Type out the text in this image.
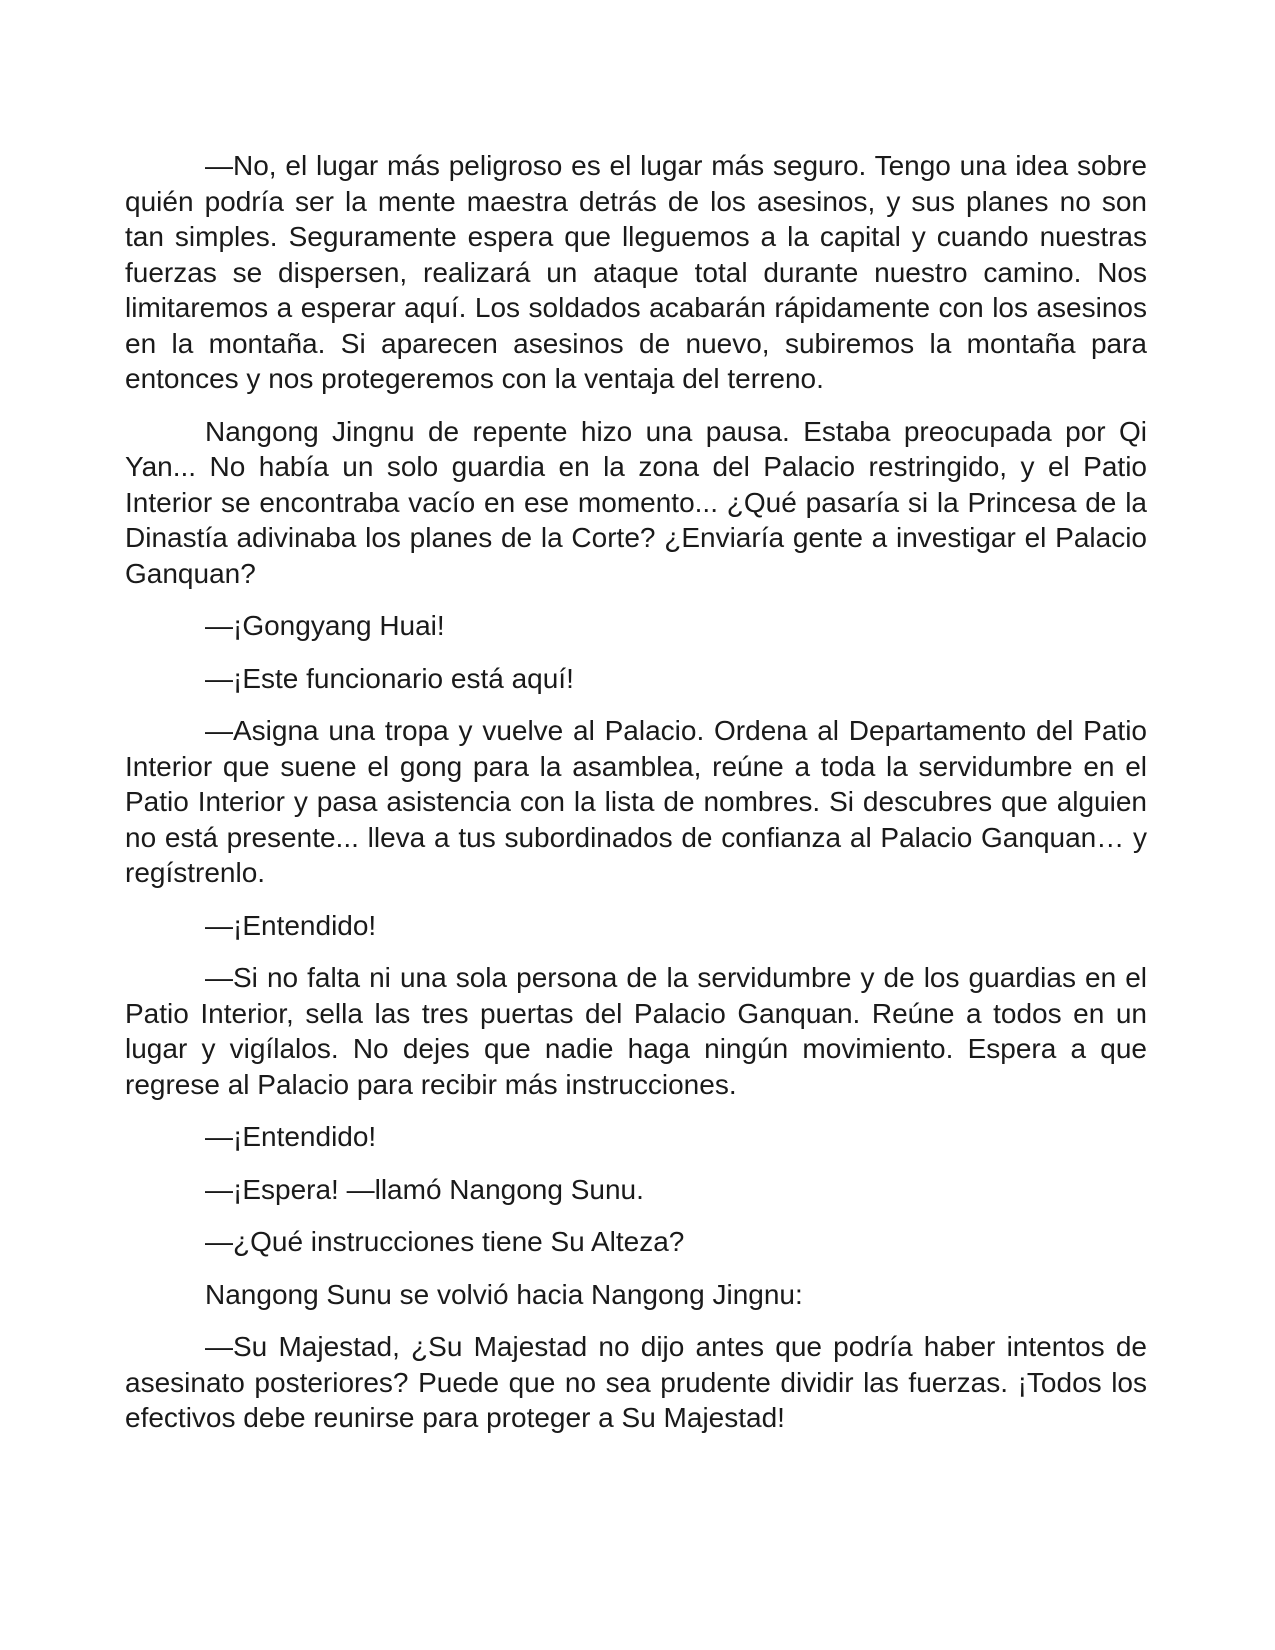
—No, el lugar más peligroso es el lugar más seguro. Tengo una idea sobre quién podría ser la mente maestra detrás de los asesinos, y sus planes no son tan simples. Seguramente espera que lleguemos a la capital y cuando nuestras fuerzas se dispersen, realizará un ataque total durante nuestro camino. Nos limitaremos a esperar aquí. Los soldados acabarán rápidamente con los asesinos en la montaña. Si aparecen asesinos de nuevo, subiremos la montaña para entonces y nos protegeremos con la ventaja del terreno.

Nangong Jingnu de repente hizo una pausa. Estaba preocupada por Qi Yan... No había un solo guardia en la zona del Palacio restringido, y el Patio Interior se encontraba vacío en ese momento... ¿Qué pasaría si la Princesa de la Dinastía adivinaba los planes de la Corte? ¿Enviaría gente a investigar el Palacio Ganquan?

—¡Gongyang Huai!

—¡Este funcionario está aquí!

—Asigna una tropa y vuelve al Palacio. Ordena al Departamento del Patio Interior que suene el gong para la asamblea, reúne a toda la servidumbre en el Patio Interior y pasa asistencia con la lista de nombres. Si descubres que alguien no está presente... lleva a tus subordinados de confianza al Palacio Ganquan… y regístrenlo.

—¡Entendido!

—Si no falta ni una sola persona de la servidumbre y de los guardias en el Patio Interior, sella las tres puertas del Palacio Ganquan. Reúne a todos en un lugar y vigílalos. No dejes que nadie haga ningún movimiento. Espera a que regrese al Palacio para recibir más instrucciones.

—¡Entendido!

—¡Espera! —llamó Nangong Sunu.

—¿Qué instrucciones tiene Su Alteza?

Nangong Sunu se volvió hacia Nangong Jingnu:

—Su Majestad, ¿Su Majestad no dijo antes que podría haber intentos de asesinato posteriores? Puede que no sea prudente dividir las fuerzas. ¡Todos los efectivos debe reunirse para proteger a Su Majestad!
